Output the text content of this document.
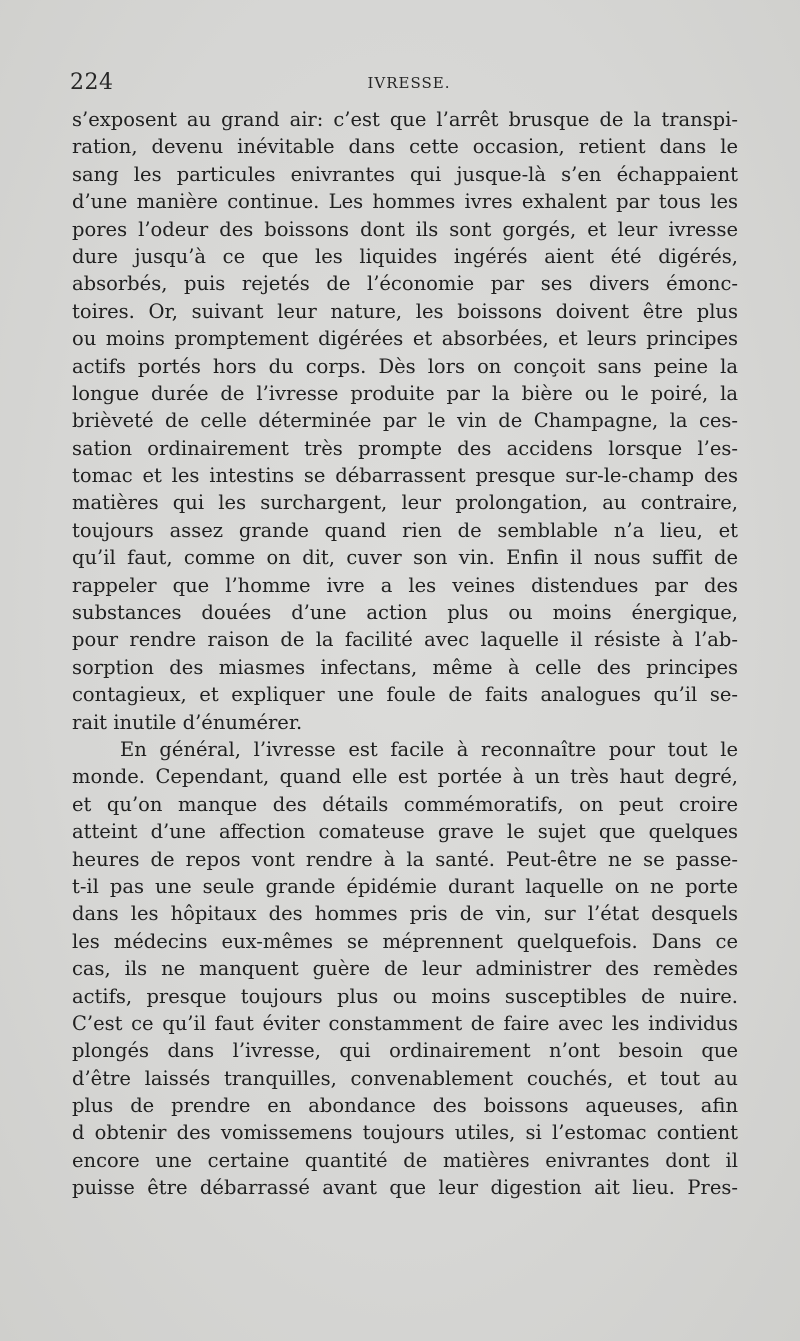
224	IVRESSE.
s’exposent au grand air: c’est que l’arrêt brusque de la transpi-
ration, devenu inévitable dans cette occasion, retient dans le
sang les particules enivrantes qui jusque-là s’en échappaient
d’une manière continue. Les hommes ivres exhalent par tous les
pores l’odeur des boissons dont ils sont gorgés, et leur ivresse
dure jusqu’à ce que les liquides ingérés aient été digérés,
absorbés, puis rejetés de l’économie par ses divers émonc-
toires. Or, suivant leur nature, les boissons doivent être plus
ou moins promptement digérées et absorbées, et leurs principes
actifs portés hors du corps. Dès lors on conçoit sans peine la
longue durée de l’ivresse produite par la bière ou le poiré, la
brièveté de celle déterminée par le vin de Champagne, la ces-
sation ordinairement très prompte des accidens lorsque l’es-
tomac et les intestins se débarrassent presque sur-le-champ des
matières qui les surchargent, leur prolongation, au contraire,
toujours assez grande quand rien de semblable n’a lieu, et
qu’il faut, comme on dit, cuver son vin. Enfin il nous suffit de
rappeler que l’homme ivre a les veines distendues par des
substances douées d’une action plus ou moins énergique,
pour rendre raison de la facilité avec laquelle il résiste à l’ab-
sorption des miasmes infectans, même à celle des principes
contagieux, et expliquer une foule de faits analogues qu’il se-
rait inutile d’énumérer.
En général, l’ivresse est facile à reconnaître pour tout le
monde. Cependant, quand elle est portée à un très haut degré,
et qu’on manque des détails commémoratifs, on peut croire
atteint d’une affection comateuse grave le sujet que quelques
heures de repos vont rendre à la santé. Peut-être ne se passe-
t-il pas une seule grande épidémie durant laquelle on ne porte
dans les hôpitaux des hommes pris de vin, sur l’état desquels
les médecins eux-mêmes se méprennent quelquefois. Dans ce
cas, ils ne manquent guère de leur administrer des remèdes
actifs, presque toujours plus ou moins susceptibles de nuire.
C’est ce qu’il faut éviter constamment de faire avec les individus
plongés dans l’ivresse, qui ordinairement n’ont besoin que
d’être laissés tranquilles, convenablement couchés, et tout au
plus de prendre en abondance des boissons aqueuses, afin
d obtenir des vomissemens toujours utiles, si l’estomac contient
encore une certaine quantité de matières enivrantes dont il
puisse être débarrassé avant que leur digestion ait lieu. Pres-
